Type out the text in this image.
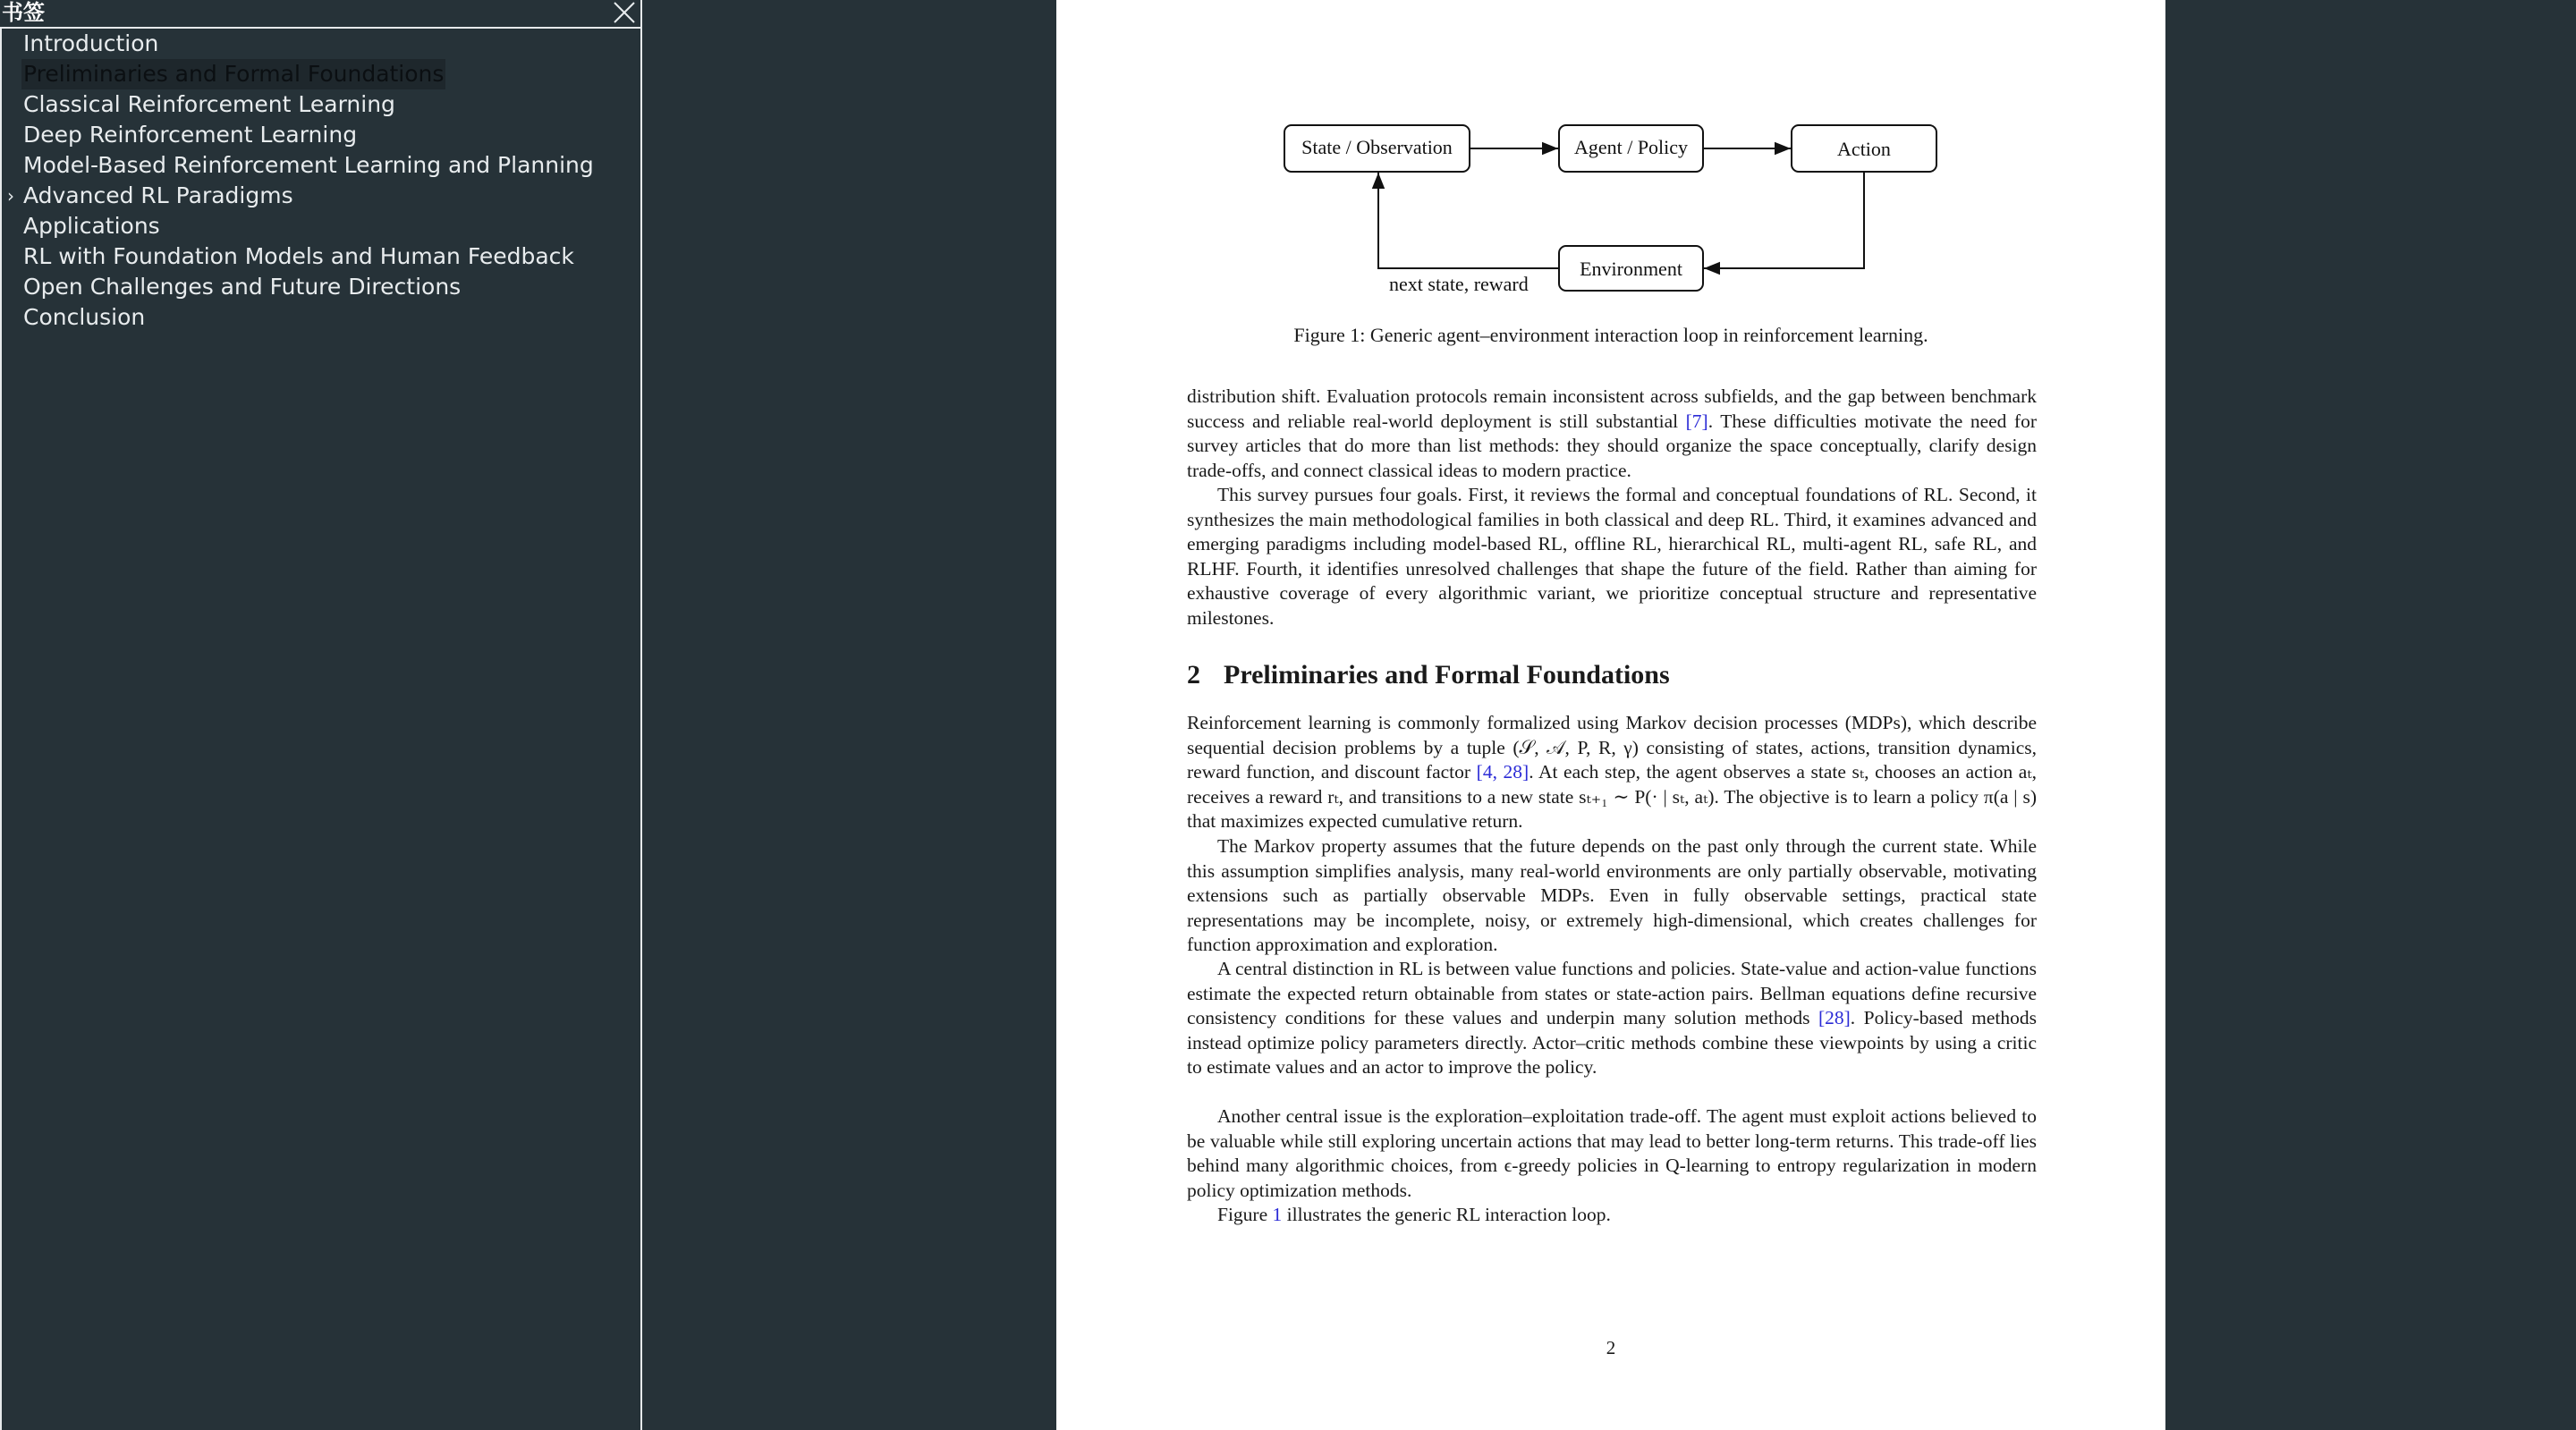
书签
Introduction
Preliminaries and Formal Foundations
Classical Reinforcement Learning
Deep Reinforcement Learning
Model-Based Reinforcement Learning and Planning
› Advanced RL Paradigms
Applications
RL with Foundation Models and Human Feedback
Open Challenges and Future Directions
Conclusion
State / Observation	Agent / Policy	Action
Environment
next state, reward
Figure 1: Generic agent–environment interaction loop in reinforcement learning.

distribution shift. Evaluation protocols remain inconsistent across subfields, and the gap between benchmark success and reliable real-world deployment is still substantial [7]. These difficulties motivate the need for survey articles that do more than list methods: they should organize the space conceptually, clarify design trade-offs, and connect classical ideas to modern practice.

This survey pursues four goals. First, it reviews the formal and conceptual foundations of RL. Second, it synthesizes the main methodological families in both classical and deep RL. Third, it examines advanced and emerging paradigms including model-based RL, offline RL, hierarchical RL, multi-agent RL, safe RL, and RLHF. Fourth, it identifies unresolved challenges that shape the future of the field. Rather than aiming for exhaustive coverage of every algorithmic variant, we prioritize conceptual structure and representative milestones.

2 Preliminaries and Formal Foundations

Reinforcement learning is commonly formalized using Markov decision processes (MDPs), which describe sequential decision problems by a tuple (𝒮, 𝒜, P, R, γ) consisting of states, actions, transition dynamics, reward function, and discount factor [4, 28]. At each step, the agent observes a state sₜ, chooses an action aₜ, receives a reward rₜ, and transitions to a new state sₜ₊₁ ∼ P(· | sₜ, aₜ). The objective is to learn a policy π(a | s) that maximizes expected cumulative return.

The Markov property assumes that the future depends on the past only through the current state. While this assumption simplifies analysis, many real-world environments are only partially observable, motivating extensions such as partially observable MDPs. Even in fully observable settings, practical state representations may be incomplete, noisy, or extremely high-dimensional, which creates challenges for function approximation and exploration.

A central distinction in RL is between value functions and policies. State-value and action-value functions estimate the expected return obtainable from states or state-action pairs. Bellman equations define recursive consistency conditions for these values and underpin many solution methods [28]. Policy-based methods instead optimize policy parameters directly. Actor–critic methods combine these viewpoints by using a critic to estimate values and an actor to improve the policy.

Another central issue is the exploration–exploitation trade-off. The agent must exploit actions believed to be valuable while still exploring uncertain actions that may lead to better long-term returns. This trade-off lies behind many algorithmic choices, from ϵ-greedy policies in Q-learning to entropy regularization in modern policy optimization methods.

Figure 1 illustrates the generic RL interaction loop.

2
